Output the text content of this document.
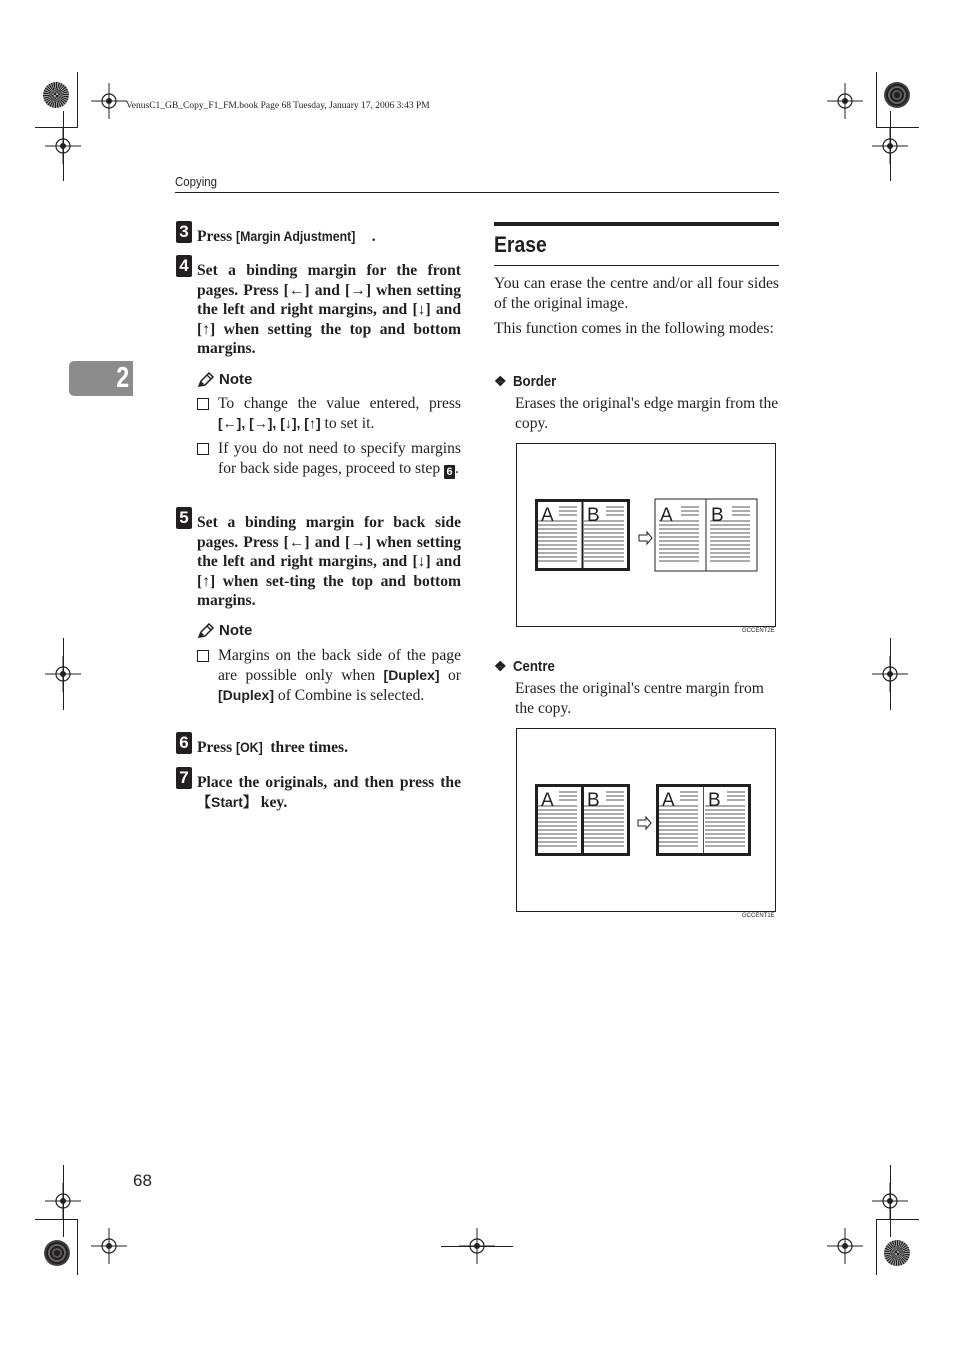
VenusC1_GB_Copy_F1_FM.book Page 68 Tuesday, January 17, 2006 3:43 PM
Copying
2
3 Press [Margin Adjustment] .
4 Set a binding margin for the front pages. Press [←] and [→] when setting the left and right margins, and [↓] and [↑] when setting the top and bottom margins.
Note
To change the value entered, press [←], [→], [↓], [↑] to set it.
If you do not need to specify margins for back side pages, proceed to step 6 .
5 Set a binding margin for back side pages. Press [←] and [→] when setting the left and right margins, and [↓] and [↑] when set-ting the top and bottom margins.
Note
Margins on the back side of the page are possible only when [Duplex] or [Duplex] of Combine is selected.
6 Press [OK] three times.
7 Place the originals, and then press the 【Start】 key.
Erase
You can erase the centre and/or all four sides of the original image.
This function comes in the following modes:
❖ Border
Erases the original's edge margin from the copy.
A B	A B
GCCENT2E
❖ Centre
Erases the original's centre margin from the copy.
A B	A B
GCCENT1E
68
